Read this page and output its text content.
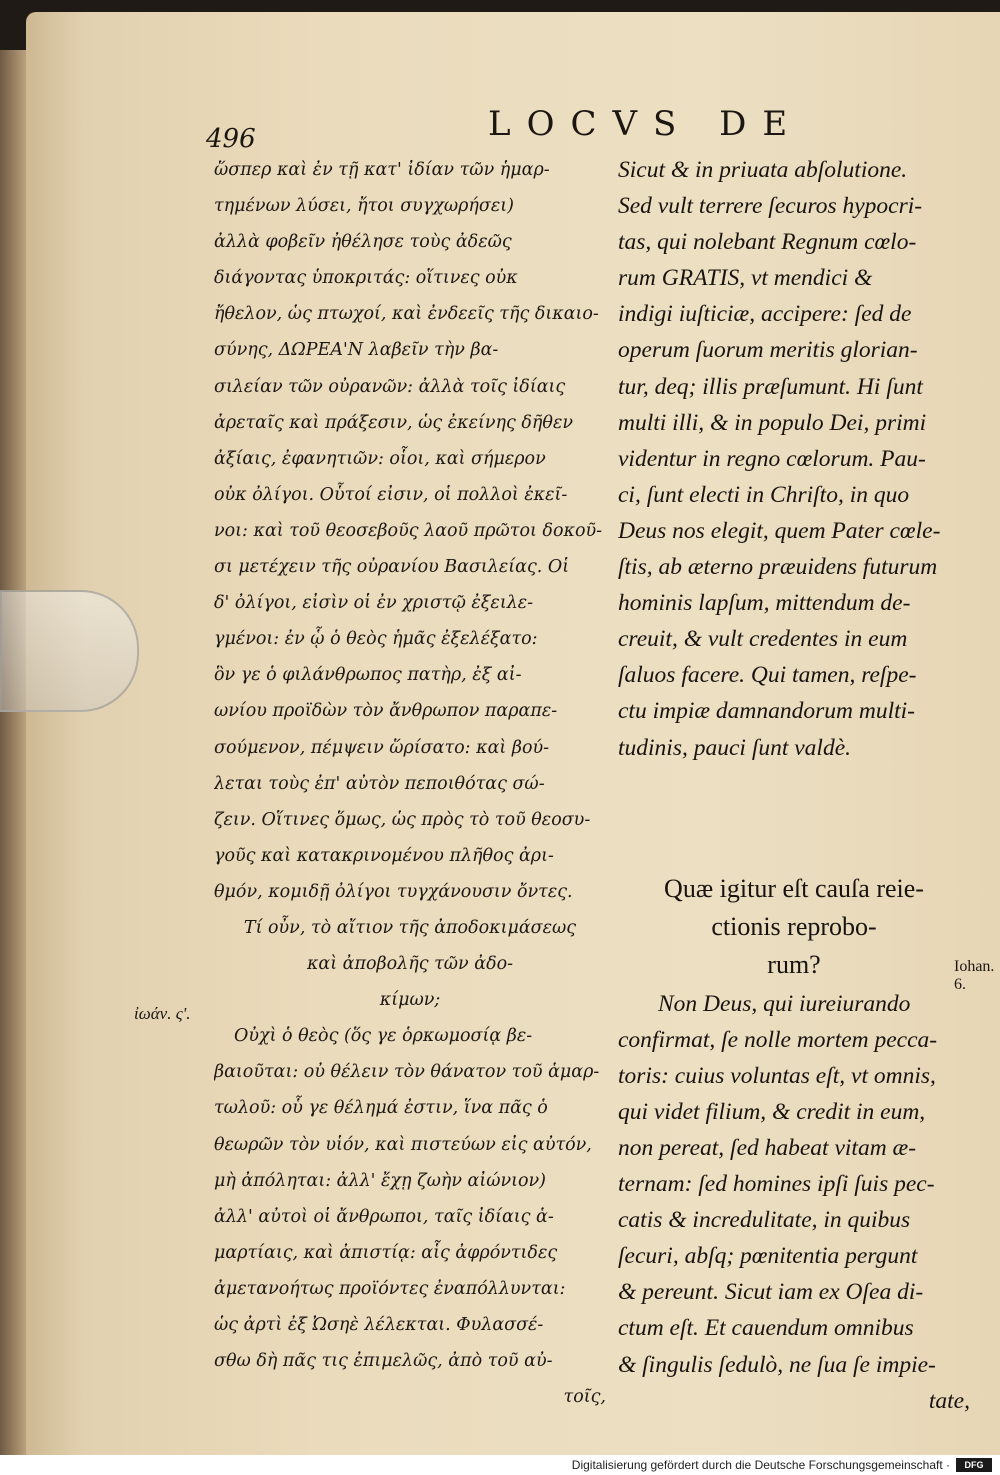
496	LOCVS DE
ὥσπερ καὶ ἐν τῇ κατ' ἰδίαν τῶν ἡμαρ-
τημένων λύσει, ἤτοι συγχωρήσει)
ἀλλὰ φοβεῖν ἠθέλησε τοὺς ἀδεῶς
διάγοντας ὑποκριτάς: οἵτινες οὐκ
ἤθελον, ὡς πτωχοί, καὶ ἐνδεεῖς τῆς δικαιο-
σύνης, ΔΩΡΕΑ'Ν λαβεῖν τὴν βα-
σιλείαν τῶν οὐρανῶν: ἀλλὰ τοῖς ἰδίαις
ἀρεταῖς καὶ πράξεσιν, ὡς ἐκείνης δῆθεν
ἀξίαις, ἐφανητιῶν: οἷοι, καὶ σήμερον
οὐκ ὀλίγοι. Οὗτοί εἰσιν, οἱ πολλοὶ ἐκεῖ-
νοι: καὶ τοῦ θεοσεβοῦς λαοῦ πρῶτοι δοκοῦ-
σι μετέχειν τῆς οὐρανίου Βασιλείας. Οἱ
δ' ὀλίγοι, εἰσὶν οἱ ἐν χριστῷ ἐξειλε-
γμένοι: ἐν ᾧ ὁ θεὸς ἡμᾶς ἐξελέξατο:
ὃν γε ὁ φιλάνθρωπος πατὴρ, ἐξ αἰ-
ωνίου προϊδὼν τὸν ἄνθρωπον παραπε-
σούμενον, πέμψειν ὥρίσατο: καὶ βού-
λεται τοὺς ἐπ' αὐτὸν πεποιθότας σώ-
ζειν. Οἵτινες ὅμως, ὡς πρὸς τὸ τοῦ θεοσυ-
γοῦς καὶ κατακρινομένου πλῆθος ἀρι-
θμόν, κομιδῇ ὀλίγοι τυγχάνουσιν ὄντες.
Τί οὖν, τὸ αἴτιον τῆς ἀποδοκιμάσεως
καὶ ἀποβολῆς τῶν ἀδο-
κίμων;
Οὐχὶ ὁ θεὸς (ὅς γε ὁρκωμοσίᾳ βε-
βαιοῦται: οὐ θέλειν τὸν θάνατον τοῦ ἁμαρ-
τωλοῦ: οὗ γε θέλημά ἐστιν, ἵνα πᾶς ὁ
θεωρῶν τὸν υἱόν, καὶ πιστεύων εἰς αὐτόν,
μὴ ἀπόληται: ἀλλ' ἔχῃ ζωὴν αἰώνιον)
ἀλλ' αὐτοὶ οἱ ἄνθρωποι, ταῖς ἰδίαις ἁ-
μαρτίαις, καὶ ἀπιστίᾳ: αἷς ἀφρόντιδες
ἀμετανοήτως προϊόντες ἐναπόλλυνται:
ὡς ἀρτὶ ἐξ Ὠσηὲ λέλεκται. Φυλασσέ-
σθω δὴ πᾶς τις ἐπιμελῶς, ἀπὸ τοῦ αὐ-
τοῖς,
Sicut & in priuata abſolutione.
Sed vult terrere ſecuros hypocri-
tas, qui nolebant Regnum cœlo-
rum GRATIS, vt mendici &
indigi iuſticiæ, accipere: ſed de
operum ſuorum meritis glorian-
tur, deq; illis præſumunt. Hi ſunt
multi illi, & in populo Dei, primi
videntur in regno cœlorum. Pau-
ci, ſunt electi in Chriſto, in quo
Deus nos elegit, quem Pater cœle-
ſtis, ab æterno præuidens futurum
hominis lapſum, mittendum de-
creuit, & vult credentes in eum
ſaluos facere. Qui tamen, reſpe-
ctu impiæ damnandorum multi-
tudinis, pauci ſunt valdè.
Quæ igitur eſt cauſa reie-
ctionis reprobo-
rum?
Non Deus, qui iureiurando
confirmat, ſe nolle mortem pecca-
toris: cuius voluntas eſt, vt omnis,
qui videt filium, & credit in eum,
non pereat, ſed habeat vitam æ-
ternam: ſed homines ipſi ſuis pec-
catis & incredulitate, in quibus
ſecuri, abſq; pœnitentia pergunt
& pereunt. Sicut iam ex Oſea di-
ctum eſt. Et cauendum omnibus
& ſingulis ſedulò, ne ſua ſe impie-
tate,
ἰωάν. ς'.
Iohan. 6.
Digitalisierung gefördert durch die Deutsche Forschungsgemeinschaft ·	DFG
